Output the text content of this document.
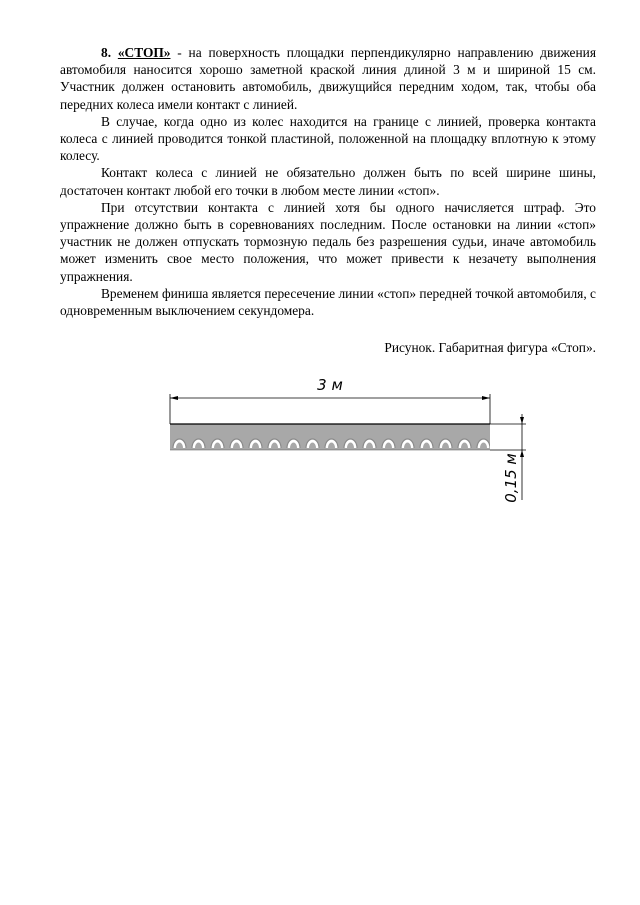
8. «СТОП» - на поверхность площадки перпендикулярно направлению движения автомобиля наносится хорошо заметной краской линия длиной 3 м и шириной 15 см. Участник должен остановить автомобиль, движущийся передним ходом, так, чтобы оба передних колеса имели контакт с линией.

В случае, когда одно из колес находится на границе с линией, проверка контакта колеса с линией проводится тонкой пластиной, положенной на площадку вплотную к этому колесу.

Контакт колеса с линией не обязательно должен быть по всей ширине шины, достаточен контакт любой его точки в любом месте линии «стоп».

При отсутствии контакта с линией хотя бы одного начисляется штраф. Это упражнение должно быть в соревнованиях последним. После остановки на линии «стоп» участник не должен отпускать тормозную педаль без разрешения судьи, иначе автомобиль может изменить свое место положения, что может привести к незачету выполнения упражнения.

Временем финиша является пересечение линии «стоп» передней точкой автомобиля, с одновременным выключением секундомера.

Рисунок. Габаритная фигура «Стоп».
3 м
0,15 м
